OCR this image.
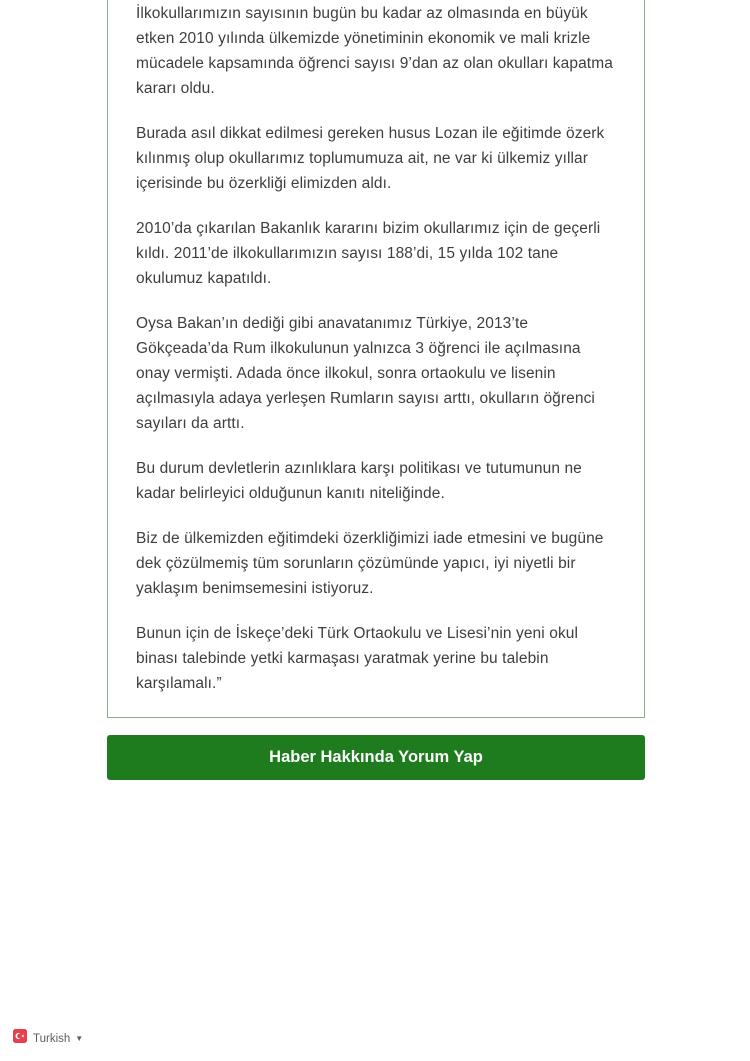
İlkokullarımızın sayısının bugün bu kadar az olmasında en büyük etken 2010 yılında ülkemizde yönetiminin ekonomik ve mali krizle mücadele kapsamında öğrenci sayısı 9’dan az olan okulları kapatma kararı oldu.

Burada asıl dikkat edilmesi gereken husus Lozan ile eğitimde özerk kılınmış olup okullarımız toplumumuza ait, ne var ki ülkemiz yıllar içerisinde bu özerkliği elimizden aldı.

2010’da çıkarılan Bakanlık kararını bizim okullarımız için de geçerli kıldı. 2011’de ilkokullarımızın sayısı 188’di, 15 yılda 102 tane okulumuz kapatıldı.

Oysa Bakan’ın dediği gibi anavatanımız Türkiye, 2013’te Gökçeada’da Rum ilkokulunun yalnızca 3 öğrenci ile açılmasına onay vermişti. Adada önce ilkokul, sonra ortaokulu ve lisenin açılmasıyla adaya yerleşen Rumların sayısı arttı, okulların öğrenci sayıları da arttı.

Bu durum devletlerin azınlıklara karşı politikası ve tutumunun ne kadar belirleyici olduğunun kanıtı niteliğinde.

Biz de ülkemizden eğitimdeki özerkliğimizi iade etmesini ve bugüne dek çözülmemiş tüm sorunların çözümünde yapıcı, iyi niyetli bir yaklaşım benimsemesini istiyoruz.

Bunun için de İskeçe’deki Türk Ortaokulu ve Lisesi’nin yeni okul binası talebinde yetki karmaşası yaratmak yerine bu talebin karşılamalı.”

Haber Hakkında Yorum Yap
Turkish ▼
